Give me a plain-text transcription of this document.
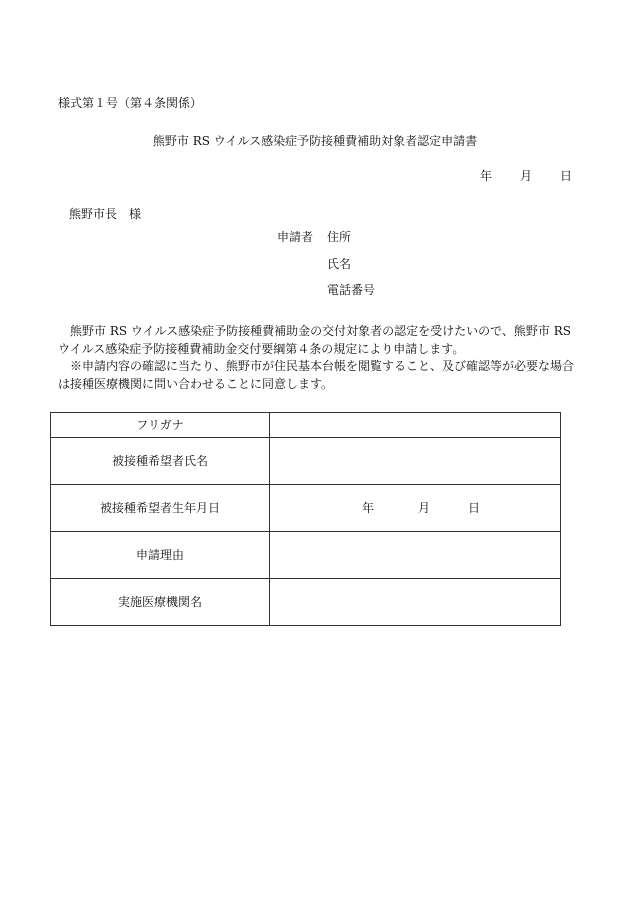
様式第１号（第４条関係）
熊野市 RS ウイルス感染症予防接種費補助対象者認定申請書
年 月 日
熊野市長　様
申請者 住所
氏名
電話番号

　熊野市 RS ウイルス感染症予防接種費補助金の交付対象者の認定を受けたいので、熊野市 RS ウイルス感染症予防接種費補助金交付要綱第４条の規定により申請します。

　※申請内容の確認に当たり、熊野市が住民基本台帳を閲覧すること、及び確認等が必要な場合は接種医療機関に問い合わせることに同意します。

フリガナ	
被接種希望者氏名	
被接種希望者生年月日	年 月 日
申請理由	
実施医療機関名	
